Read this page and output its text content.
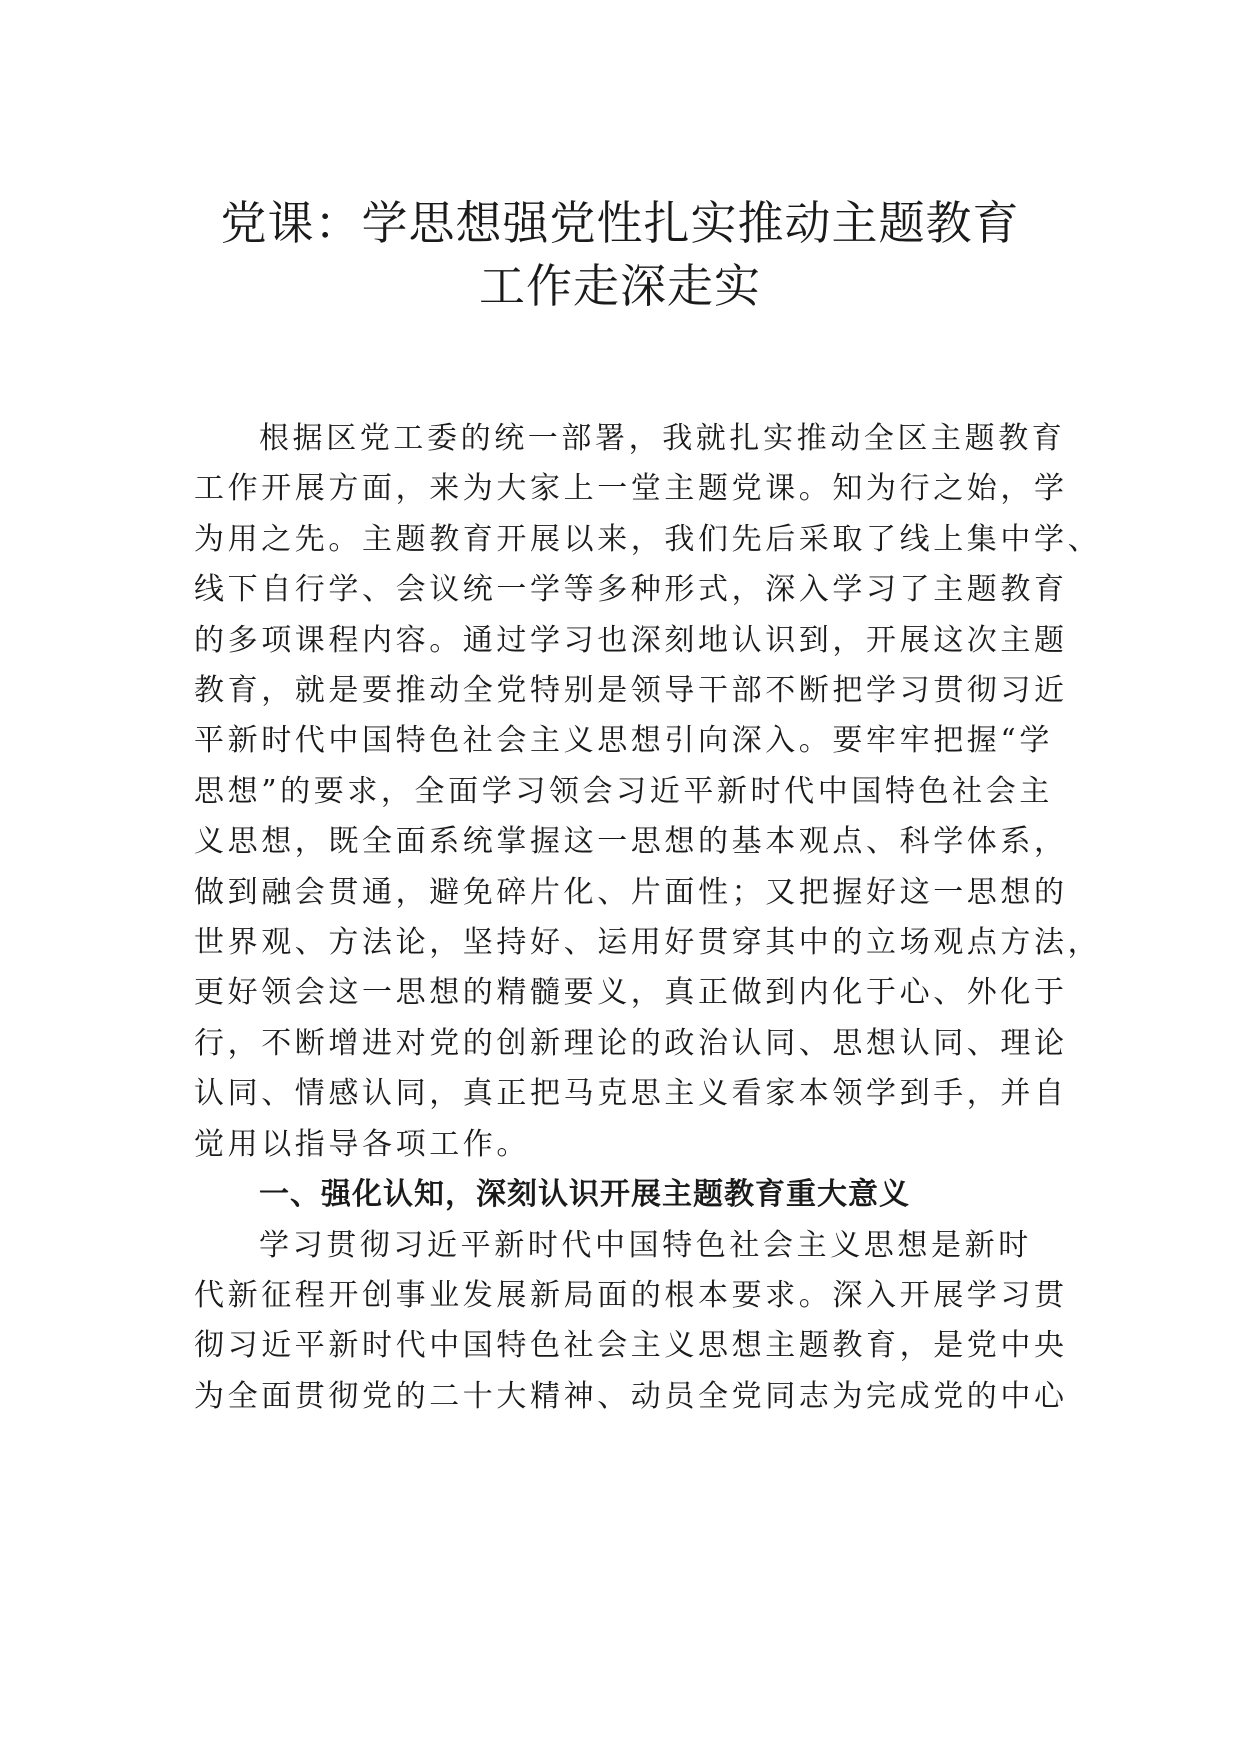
党课：学思想强党性扎实推动主题教育
工作走深走实

根据区党工委的统一部署，我就扎实推动全区主题教育
工作开展方面，来为大家上一堂主题党课。知为行之始，学
为用之先。主题教育开展以来，我们先后采取了线上集中学、
线下自行学、会议统一学等多种形式，深入学习了主题教育
的多项课程内容。通过学习也深刻地认识到，开展这次主题
教育，就是要推动全党特别是领导干部不断把学习贯彻习近
平新时代中国特色社会主义思想引向深入。要牢牢把握“学
思想”的要求，全面学习领会习近平新时代中国特色社会主
义思想，既全面系统掌握这一思想的基本观点、科学体系，
做到融会贯通，避免碎片化、片面性；又把握好这一思想的
世界观、方法论，坚持好、运用好贯穿其中的立场观点方法，
更好领会这一思想的精髓要义，真正做到内化于心、外化于
行，不断增进对党的创新理论的政治认同、思想认同、理论
认同、情感认同，真正把马克思主义看家本领学到手，并自
觉用以指导各项工作。

一、强化认知，深刻认识开展主题教育重大意义

学习贯彻习近平新时代中国特色社会主义思想是新时
代新征程开创事业发展新局面的根本要求。深入开展学习贯
彻习近平新时代中国特色社会主义思想主题教育，是党中央
为全面贯彻党的二十大精神、动员全党同志为完成党的中心
